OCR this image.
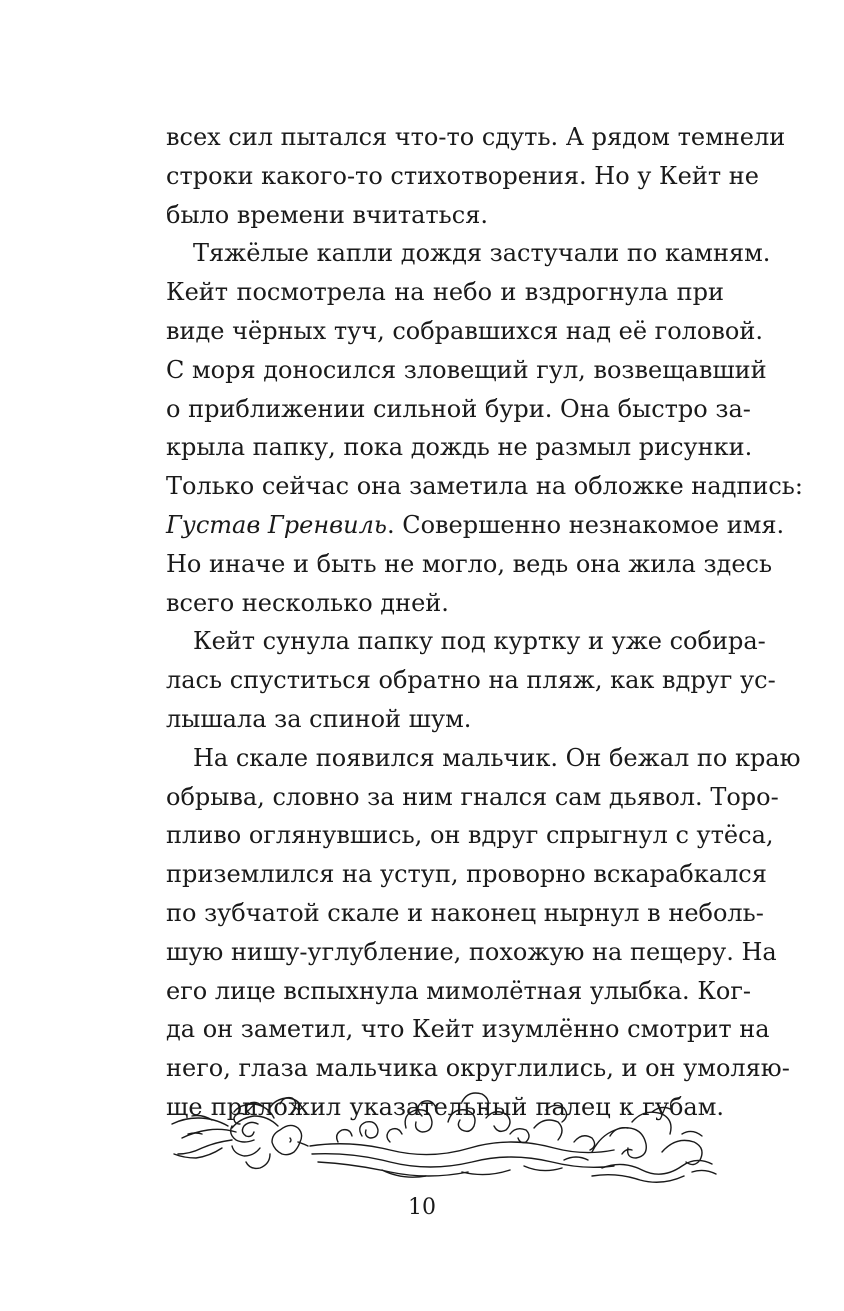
всех сил пытался что-то сдуть. А рядом темнели
строки какого-то стихотворения. Но у Кейт не
было времени вчитаться.
Тяжёлые капли дождя застучали по камням.
Кейт посмотрела на небо и вздрогнула при
виде чёрных туч, собравшихся над её головой.
С моря доносился зловещий гул, возвещавший
о приближении сильной бури. Она быстро за-
крыла папку, пока дождь не размыл рисунки.
Только сейчас она заметила на обложке надпись:
Густав Гренвиль. Совершенно незнакомое имя.
Но иначе и быть не могло, ведь она жила здесь
всего несколько дней.
Кейт сунула папку под куртку и уже собира-
лась спуститься обратно на пляж, как вдруг ус-
лышала за спиной шум.
На скале появился мальчик. Он бежал по краю
обрыва, словно за ним гнался сам дьявол. Торо-
пливо оглянувшись, он вдруг спрыгнул с утёса,
приземлился на уступ, проворно вскарабкался
по зубчатой скале и наконец нырнул в неболь-
шую нишу-углубление, похожую на пещеру. На
его лице вспыхнула мимолётная улыбка. Ког-
да он заметил, что Кейт изумлённо смотрит на
него, глаза мальчика округлились, и он умоляю-
ще приложил указательный палец к губам.
10
